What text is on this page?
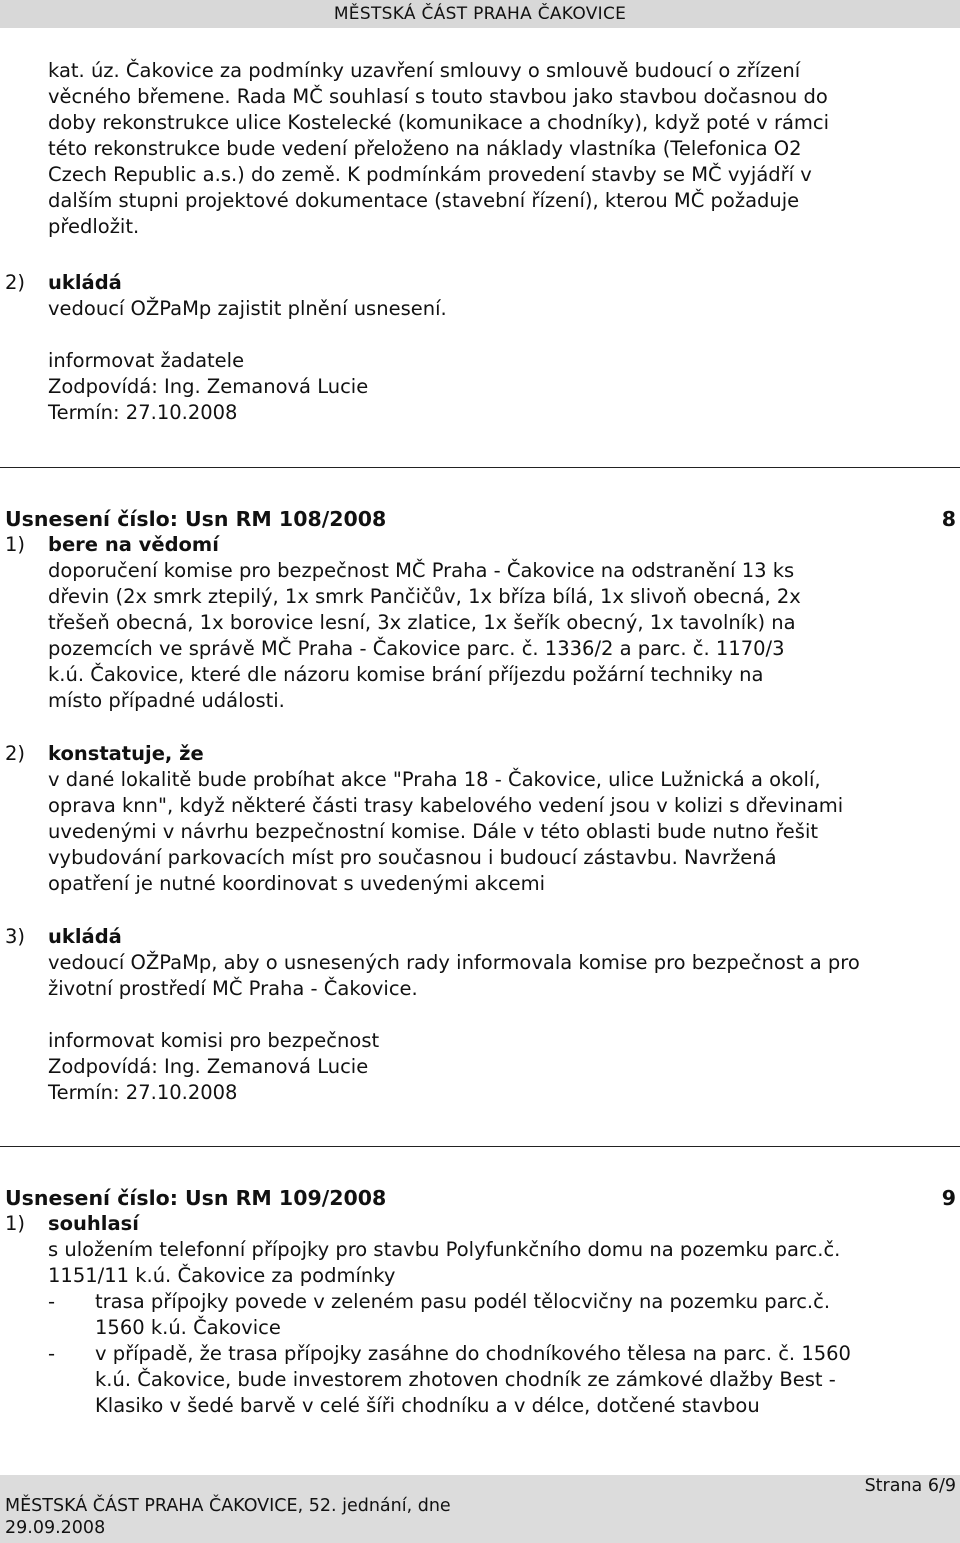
MĚSTSKÁ ČÁST PRAHA ČAKOVICE
kat. úz. Čakovice za podmínky uzavření smlouvy o smlouvě budoucí o zřízení
věcného břemene. Rada MČ souhlasí s touto stavbou jako stavbou dočasnou do
doby rekonstrukce ulice Kostelecké (komunikace a chodníky), když poté v rámci
této rekonstrukce bude vedení přeloženo na náklady vlastníka (Telefonica O2
Czech Republic a.s.) do země. K podmínkám provedení stavby se MČ vyjádří v
dalším stupni projektové dokumentace (stavební řízení), kterou MČ požaduje
předložit.
2) ukládá
vedoucí OŽPaMp zajistit plnění usnesení.
informovat žadatele
Zodpovídá: Ing. Zemanová Lucie
Termín: 27.10.2008
Usnesení číslo: Usn RM 108/2008	8
1) bere na vědomí
doporučení komise pro bezpečnost MČ Praha - Čakovice na odstranění 13 ks
dřevin (2x smrk ztepilý, 1x smrk Pančičův, 1x bříza bílá, 1x slivoň obecná, 2x
třešeň obecná, 1x borovice lesní, 3x zlatice, 1x šeřík obecný, 1x tavolník) na
pozemcích ve správě MČ Praha - Čakovice parc. č. 1336/2 a parc. č. 1170/3
k.ú. Čakovice, které dle názoru komise brání příjezdu požární techniky na
místo případné události.
2) konstatuje, že
v dané lokalitě bude probíhat akce "Praha 18 - Čakovice, ulice Lužnická a okolí,
oprava knn", když některé části trasy kabelového vedení jsou v kolizi s dřevinami
uvedenými v návrhu bezpečnostní komise. Dále v této oblasti bude nutno řešit
vybudování parkovacích míst pro současnou i budoucí zástavbu. Navržená
opatření je nutné koordinovat s uvedenými akcemi
3) ukládá
vedoucí OŽPaMp, aby o usnesených rady informovala komise pro bezpečnost a pro
životní prostředí MČ Praha - Čakovice.
informovat komisi pro bezpečnost
Zodpovídá: Ing. Zemanová Lucie
Termín: 27.10.2008
Usnesení číslo: Usn RM 109/2008	9
1) souhlasí
s uložením telefonní přípojky pro stavbu Polyfunkčního domu na pozemku parc.č.
1151/11 k.ú. Čakovice za podmínky
-	trasa přípojky povede v zeleném pasu podél tělocvičny na pozemku parc.č.
1560 k.ú. Čakovice
-	v případě, že trasa přípojky zasáhne do chodníkového tělesa na parc. č. 1560
k.ú. Čakovice, bude investorem zhotoven chodník ze zámkové dlažby Best -
Klasiko v šedé barvě v celé šíři chodníku a v délce, dotčené stavbou
MĚSTSKÁ ČÁST PRAHA ČAKOVICE, 52. jednání, dne
29.09.2008
Strana 6/9
